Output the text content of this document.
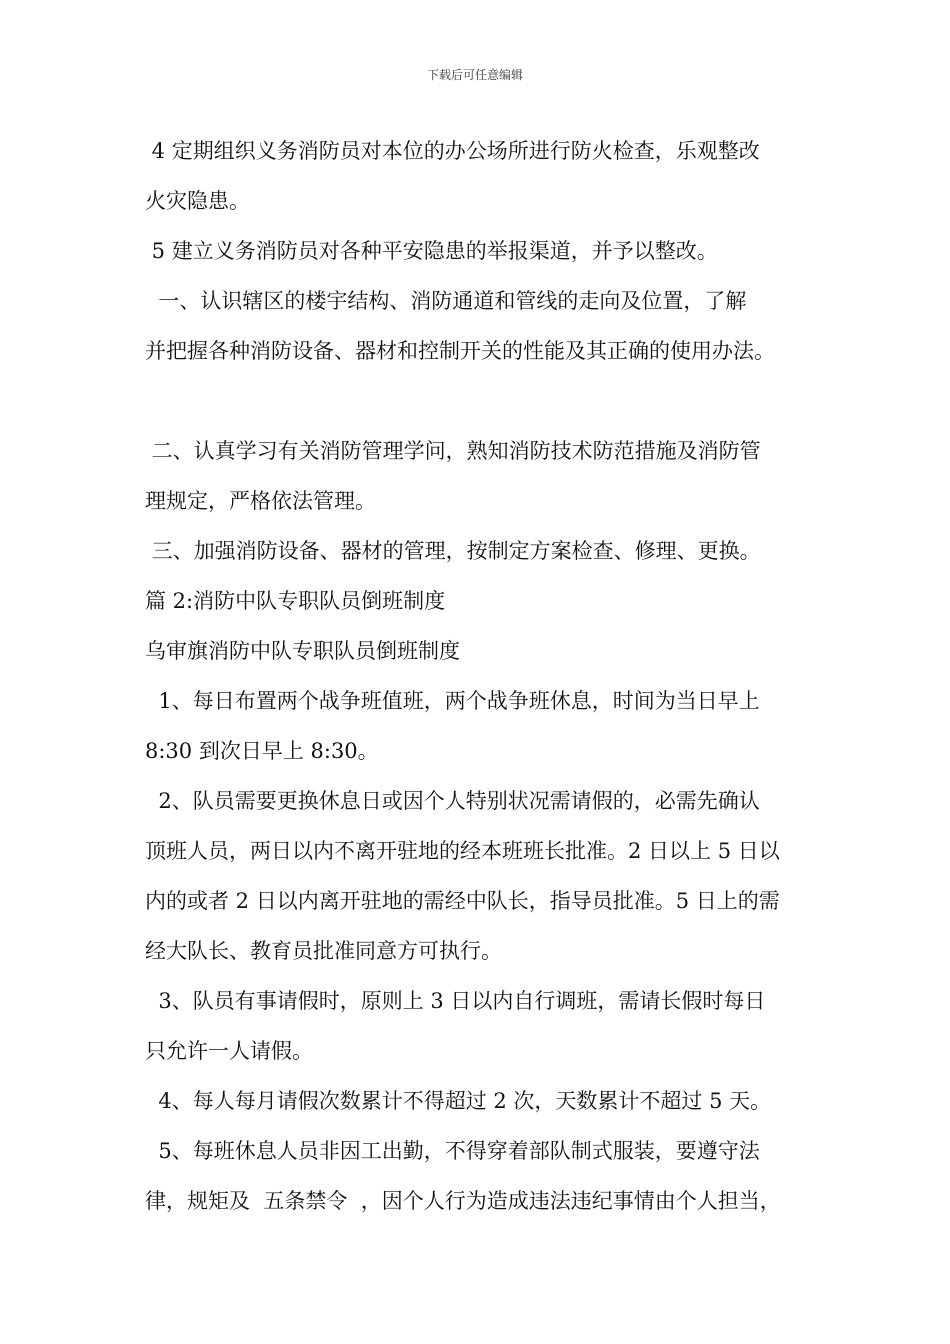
下载后可任意编辑
4 定期组织义务消防员对本位的办公场所进行防火检查，乐观整改
火灾隐患。
5 建立义务消防员对各种平安隐患的举报渠道，并予以整改。
一、认识辖区的楼宇结构、消防通道和管线的走向及位置，了解
并把握各种消防设备、器材和控制开关的性能及其正确的使用办法。
二、认真学习有关消防管理学问，熟知消防技术防范措施及消防管
理规定，严格依法管理。
三、加强消防设备、器材的管理，按制定方案检查、修理、更换。
篇 2:消防中队专职队员倒班制度
乌审旗消防中队专职队员倒班制度
1、每日布置两个战争班值班，两个战争班休息，时间为当日早上
8:30 到次日早上 8:30。
2、队员需要更换休息日或因个人特别状况需请假的，必需先确认
顶班人员，两日以内不离开驻地的经本班班长批准。2 日以上 5 日以
内的或者 2 日以内离开驻地的需经中队长，指导员批准。5 日上的需
经大队长、教育员批准同意方可执行。
3、队员有事请假时，原则上 3 日以内自行调班，需请长假时每日
只允许一人请假。
4、每人每月请假次数累计不得超过 2 次，天数累计不超过 5 天。
5、每班休息人员非因工出勤，不得穿着部队制式服装，要遵守法
律，规矩及  五条禁令  ，因个人行为造成违法违纪事情由个人担当，
